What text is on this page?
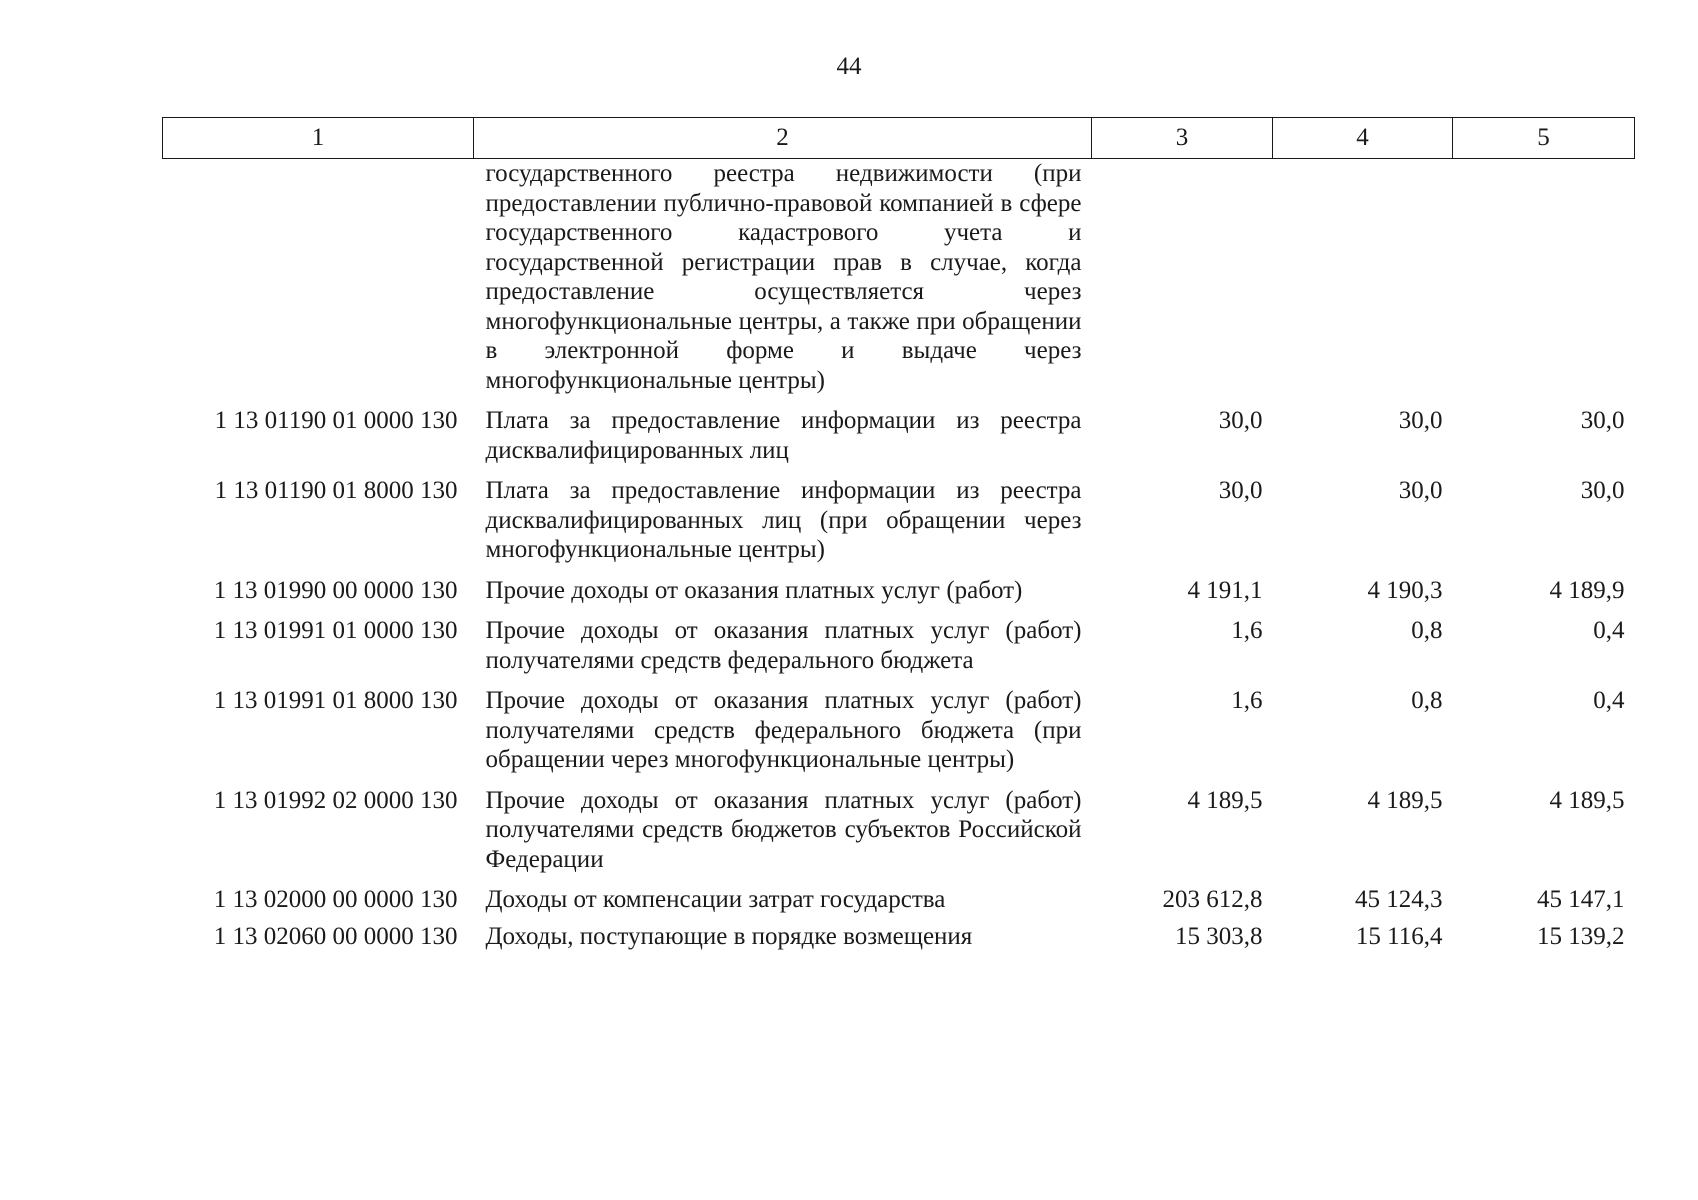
44
1	2	3	4	5
	государственного реестра недвижимости (при предоставлении публично-правовой компанией в сфере государственного кадастрового учета и государственной регистрации прав в случае, когда предоставление осуществляется через многофункциональные центры, а также при обращении в электронной форме и выдаче через многофункциональные центры)			
1 13 01190 01 0000 130	Плата за предоставление информации из реестра дисквалифицированных лиц	30,0	30,0	30,0
1 13 01190 01 8000 130	Плата за предоставление информации из реестра дисквалифицированных лиц (при обращении через многофункциональные центры)	30,0	30,0	30,0
1 13 01990 00 0000 130	Прочие доходы от оказания платных услуг (работ)	4 191,1	4 190,3	4 189,9
1 13 01991 01 0000 130	Прочие доходы от оказания платных услуг (работ) получателями средств федерального бюджета	1,6	0,8	0,4
1 13 01991 01 8000 130	Прочие доходы от оказания платных услуг (работ) получателями средств федерального бюджета (при обращении через многофункциональные центры)	1,6	0,8	0,4
1 13 01992 02 0000 130	Прочие доходы от оказания платных услуг (работ) получателями средств бюджетов субъектов Российской Федерации	4 189,5	4 189,5	4 189,5
1 13 02000 00 0000 130	Доходы от компенсации затрат государства	203 612,8	45 124,3	45 147,1
1 13 02060 00 0000 130	Доходы, поступающие в порядке возмещения	15 303,8	15 116,4	15 139,2
